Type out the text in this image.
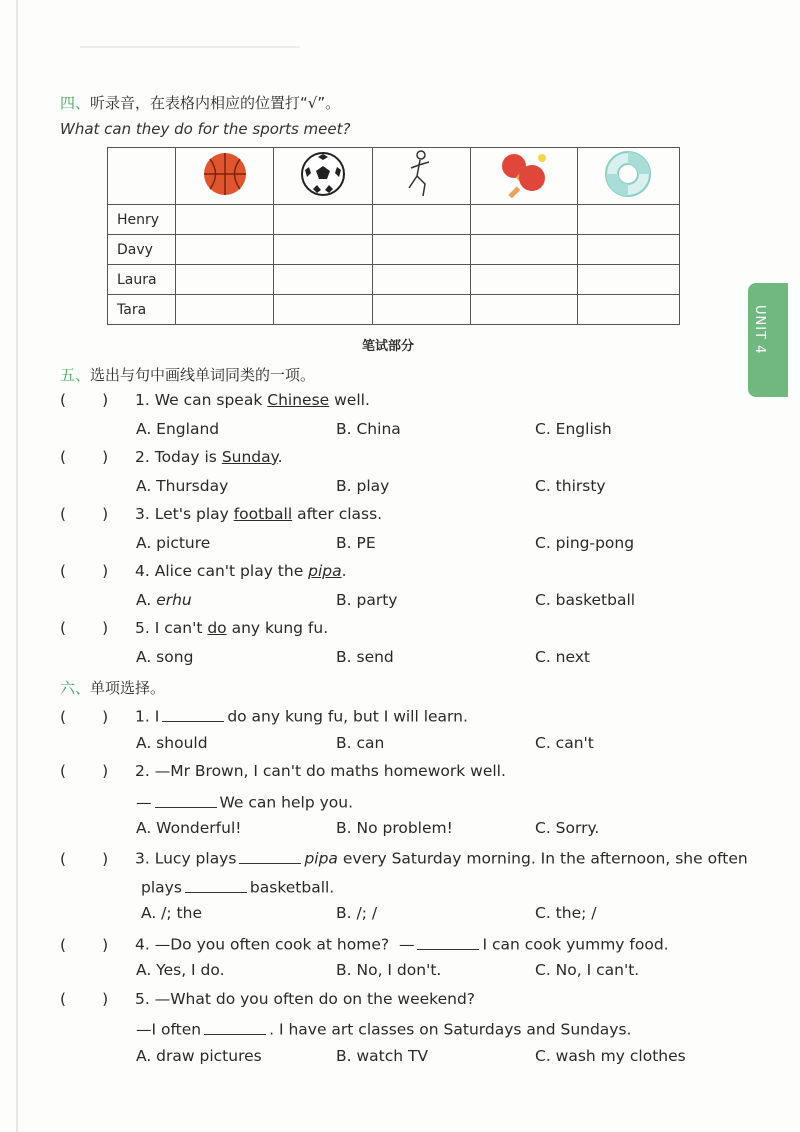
四、听录音，在表格内相应的位置打“√”。
What can they do for the sports meet?

Henry					
Davy					
Laura					
Tara					
笔试部分
五、选出与句中画线单词同类的一项。
( ) 1. We can speak Chinese well.
A. England	B. China	C. English
( ) 2. Today is Sunday.
A. Thursday	B. play	C. thirsty
( ) 3. Let's play football after class.
A. picture	B. PE	C. ping-pong
( ) 4. Alice can't play the pipa.
A. erhu	B. party	C. basketball
( ) 5. I can't do any kung fu.
A. song	B. send	C. next
六、单项选择。
( ) 1. I	do any kung fu, but I will learn.
A. should	B. can	C. can't
( ) 2. —Mr Brown, I can't do maths homework well.
—	We can help you.
A. Wonderful!	B. No problem!	C. Sorry.
( ) 3. Lucy plays	pipa every Saturday morning. In the afternoon, she often
plays	basketball.
A. /; the	B. /; /	C. the; /
( ) 4. —Do you often cook at home? —	I can cook yummy food.
A. Yes, I do.	B. No, I don't.	C. No, I can't.
( ) 5. —What do you often do on the weekend?
—I often	. I have art classes on Saturdays and Sundays.
A. draw pictures	B. watch TV	C. wash my clothes
UNIT 4
